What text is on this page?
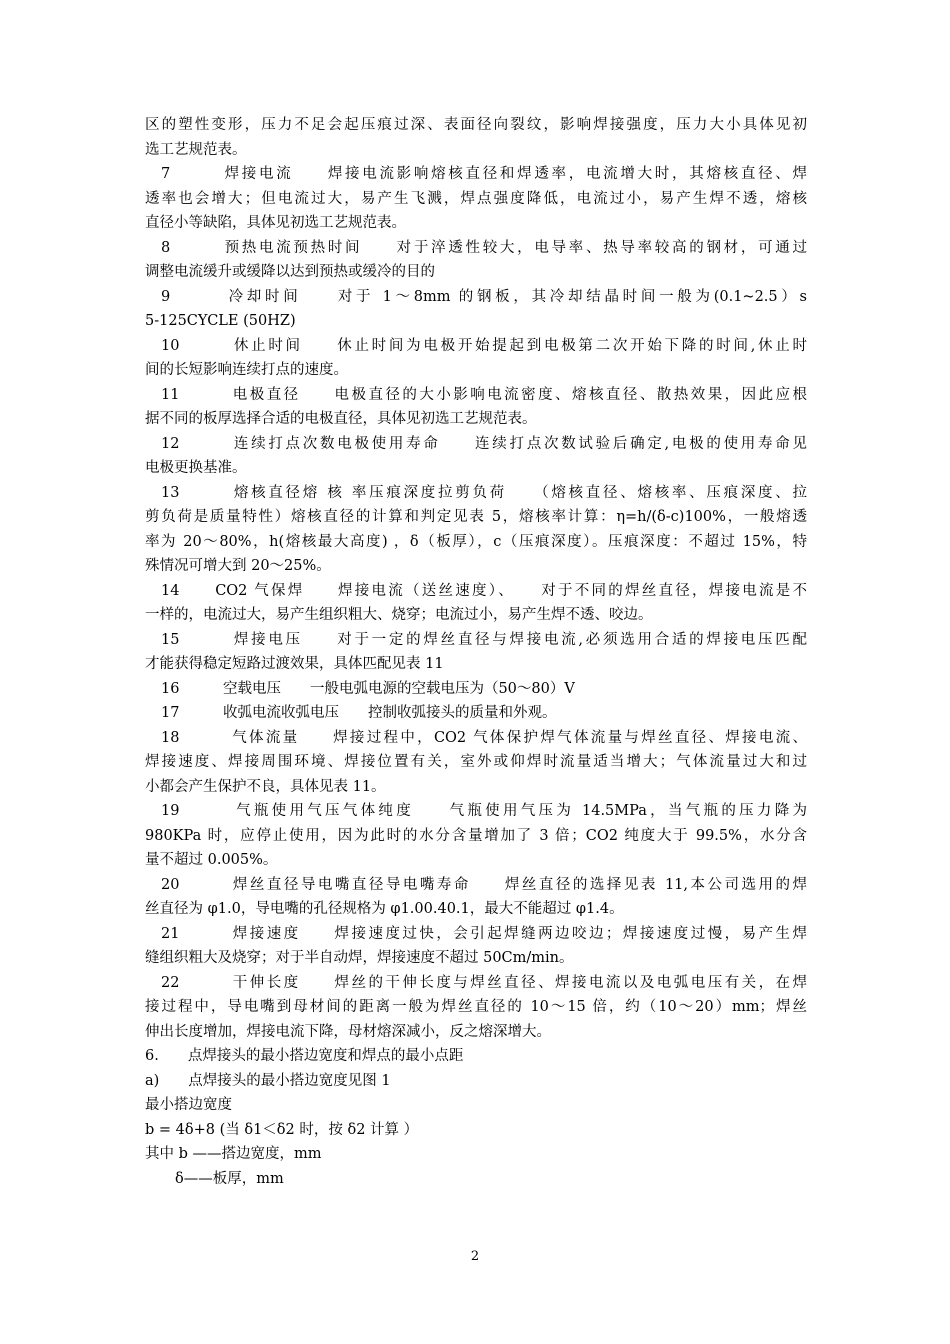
区的塑性变形，压力不足会起压痕过深、表面径向裂纹，影响焊接强度，压力大小具体见初
选工艺规范表。
7　　　焊接电流　　焊接电流影响熔核直径和焊透率，电流增大时，其熔核直径、焊
透率也会增大；但电流过大，易产生飞溅，焊点强度降低，电流过小，易产生焊不透，熔核
直径小等缺陷，具体见初选工艺规范表。
8　　　预热电流预热时间　　对于淬透性较大，电导率、热导率较高的钢材，可通过
调整电流缓升或缓降以达到预热或缓冷的目的
9　　　冷却时间　　对于 1～8mm 的钢板，其冷却结晶时间一般为(0.1~2.5）s
5-125CYCLE (50HZ)
10　　　休止时间　　休止时间为电极开始提起到电极第二次开始下降的时间,休止时
间的长短影响连续打点的速度。
11　　　电极直径　　电极直径的大小影响电流密度、熔核直径、散热效果，因此应根
据不同的板厚选择合适的电极直径，具体见初选工艺规范表。
12　　　连续打点次数电极使用寿命　　连续打点次数试验后确定,电极的使用寿命见
电极更换基准。
13　　　熔核直径熔 核 率压痕深度拉剪负荷　　（熔核直径、熔核率、压痕深度、拉
剪负荷是质量特性）熔核直径的计算和判定见表 5，熔核率计算：η=h/(δ-c)100%，一般熔透
率为 20～80%，h(熔核最大高度) ，δ（板厚），c（压痕深度）。压痕深度：不超过 15%，特
殊情况可增大到 20～25%。
14　　CO2 气保焊　　焊接电流（送丝速度）、　　对于不同的焊丝直径，焊接电流是不
一样的，电流过大，易产生组织粗大、烧穿；电流过小，易产生焊不透、咬边。
15　　　焊接电压　　对于一定的焊丝直径与焊接电流,必须选用合适的焊接电压匹配
才能获得稳定短路过渡效果，具体匹配见表 11
16　　　空载电压　　一般电弧电源的空载电压为（50～80）V
17　　　收弧电流收弧电压　　控制收弧接头的质量和外观。
18　　　气体流量　　焊接过程中，CO2 气体保护焊气体流量与焊丝直径、焊接电流、
焊接速度、焊接周围环境、焊接位置有关，室外或仰焊时流量适当增大；气体流量过大和过
小都会产生保护不良，具体见表 11。
19　　　气瓶使用气压气体纯度　　气瓶使用气压为 14.5MPa，当气瓶的压力降为
980KPa 时，应停止使用，因为此时的水分含量增加了 3 倍；CO2 纯度大于 99.5%，水分含
量不超过 0.005%。
20　　　焊丝直径导电嘴直径导电嘴寿命　　焊丝直径的选择见表 11,本公司选用的焊
丝直径为 φ1.0，导电嘴的孔径规格为 φ1.00.40.1，最大不能超过 φ1.4。
21　　　焊接速度　　焊接速度过快，会引起焊缝两边咬边；焊接速度过慢，易产生焊
缝组织粗大及烧穿；对于半自动焊，焊接速度不超过 50Cm/min。
22　　　干伸长度　　焊丝的干伸长度与焊丝直径、焊接电流以及电弧电压有关，在焊
接过程中，导电嘴到母材间的距离一般为焊丝直径的 10～15 倍，约（10～20）mm；焊丝
伸出长度增加，焊接电流下降，母材熔深减小，反之熔深增大。
6.　　点焊接头的最小搭边宽度和焊点的最小点距
a)　　点焊接头的最小搭边宽度见图 1
最小搭边宽度
b = 4δ+8 (当 δ1＜δ2 时，按 δ2 计算 ）
其中 b ——搭边宽度，mm
δ——板厚，mm
2
